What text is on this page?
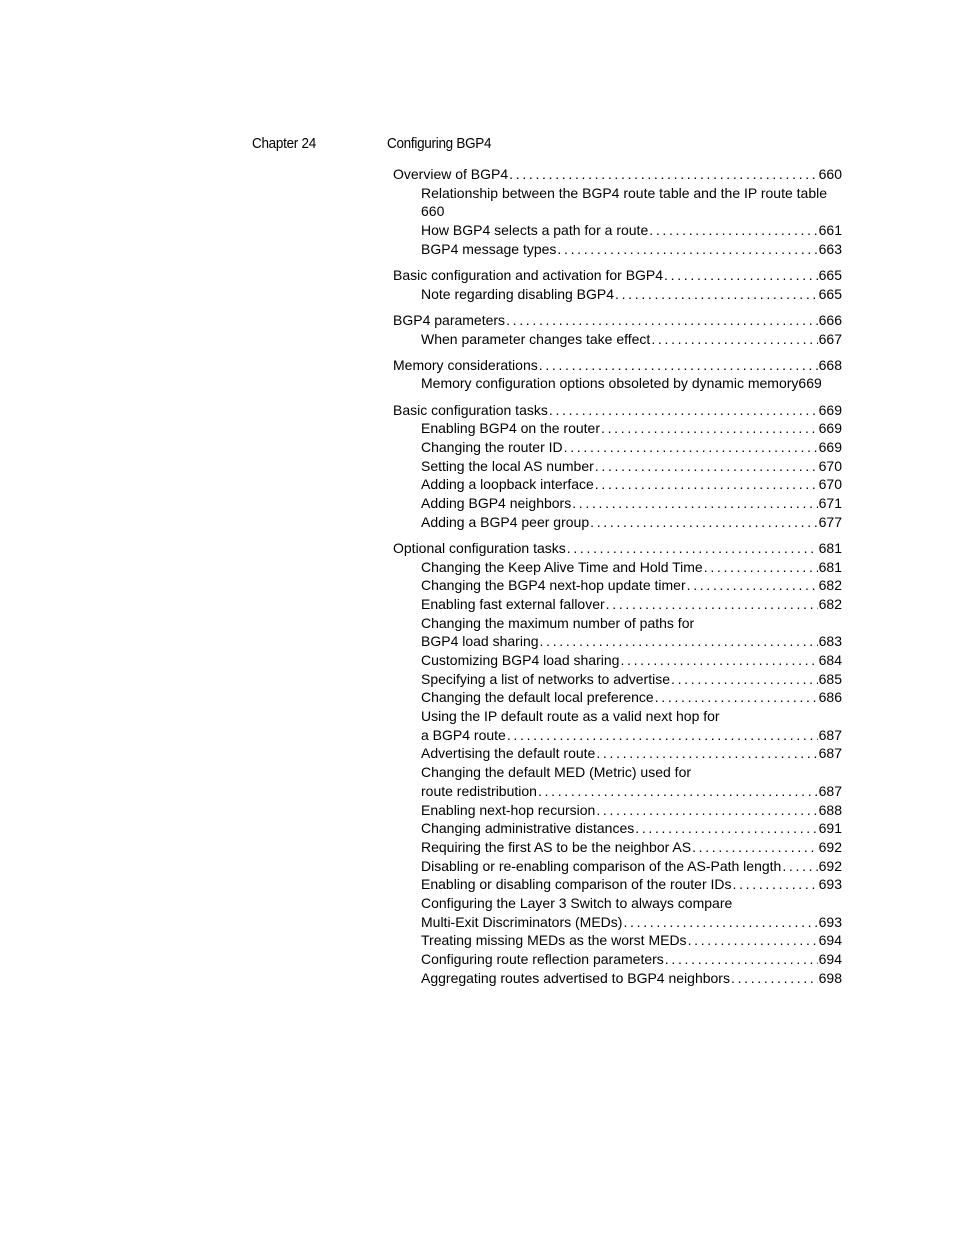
Chapter 24	Configuring BGP4
Overview of BGP4 . . .	660
Relationship between the BGP4 route table and the IP route table
660
How BGP4 selects a path for a route . . .	661
BGP4 message types . . .	663
Basic configuration and activation for BGP4 . . .	665
Note regarding disabling BGP4 . . .	665
BGP4 parameters . . .	666
When parameter changes take effect . . .	667
Memory considerations . . .	668
Memory configuration options obsoleted by dynamic memory 669
Basic configuration tasks . . .	669
Enabling BGP4 on the router . . .	669
Changing the router ID . . .	669
Setting the local AS number . . .	670
Adding a loopback interface . . .	670
Adding BGP4 neighbors . . .	671
Adding a BGP4 peer group . . .	677
Optional configuration tasks . . .	681
Changing the Keep Alive Time and Hold Time . . .	681
Changing the BGP4 next-hop update timer . . .	682
Enabling fast external fallover . . .	682
Changing the maximum number of paths for
BGP4 load sharing . . .	683
Customizing BGP4 load sharing . . .	684
Specifying a list of networks to advertise . . .	685
Changing the default local preference . . .	686
Using the IP default route as a valid next hop for
a BGP4 route . . .	687
Advertising the default route . . .	687
Changing the default MED (Metric) used for
route redistribution . . .	687
Enabling next-hop recursion . . .	688
Changing administrative distances . . .	691
Requiring the first AS to be the neighbor AS . . .	692
Disabling or re-enabling comparison of the AS-Path length . . .	692
Enabling or disabling comparison of the router IDs . . .	693
Configuring the Layer 3 Switch to always compare
Multi-Exit Discriminators (MEDs) . . .	693
Treating missing MEDs as the worst MEDs . . .	694
Configuring route reflection parameters . . .	694
Aggregating routes advertised to BGP4 neighbors . . .	698
